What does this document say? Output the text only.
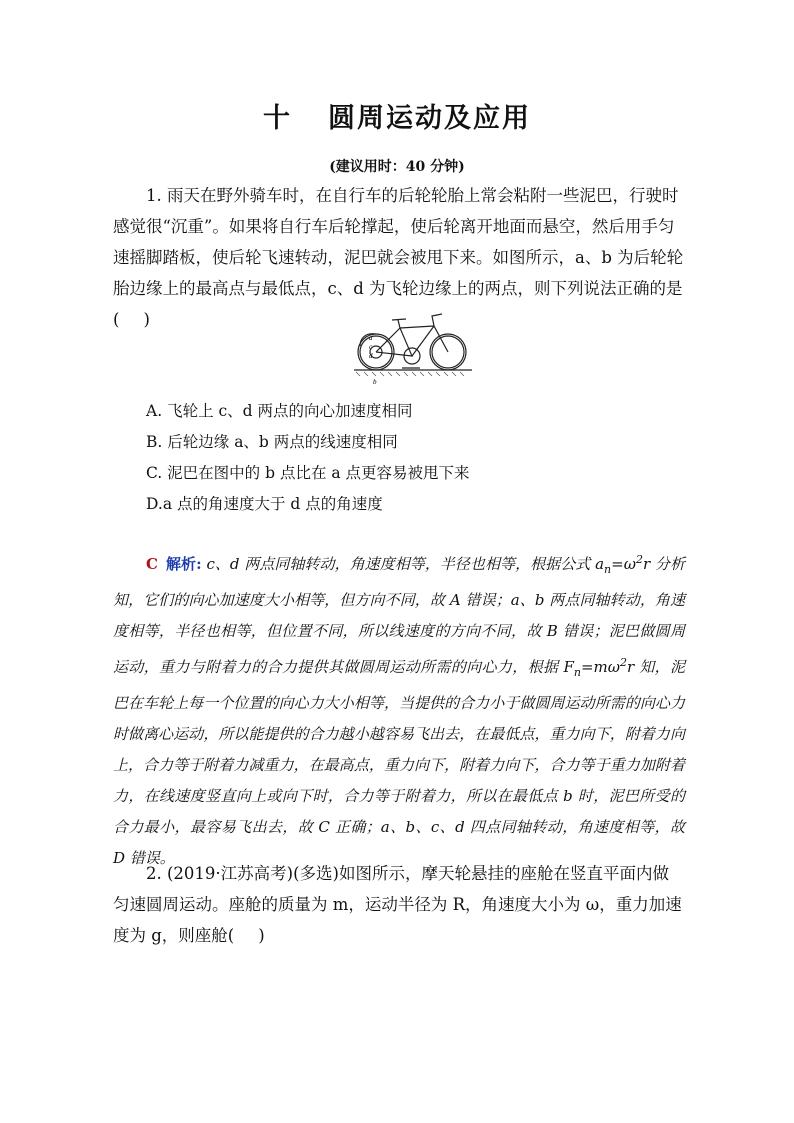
十 圆周运动及应用
(建议用时：40 分钟)
1. 雨天在野外骑车时，在自行车的后轮轮胎上常会粘附一些泥巴，行驶时感觉很“沉重”。如果将自行车后轮撑起，使后轮离开地面而悬空，然后用手匀速摇脚踏板，使后轮飞速转动，泥巴就会被甩下来。如图所示，a、b 为后轮轮胎边缘上的最高点与最低点，c、d 为飞轮边缘上的两点，则下列说法正确的是( )
a
c
d
b
A. 飞轮上 c、d 两点的向心加速度相同
B. 后轮边缘 a、b 两点的线速度相同
C. 泥巴在图中的 b 点比在 a 点更容易被甩下来
D.a 点的角速度大于 d 点的角速度
C 解析: c、d 两点同轴转动，角速度相等，半径也相等，根据公式 $a_n=\omega^2r$ 分析知，它们的向心加速度大小相等，但方向不同，故 A 错误；a、b 两点同轴转动，角速度相等，半径也相等，但位置不同，所以线速度的方向不同，故 B 错误；泥巴做圆周运动，重力与附着力的合力提供其做圆周运动所需的向心力，根据 $F_n=m\omega^2r$ 知，泥巴在车轮上每一个位置的向心力大小相等，当提供的合力小于做圆周运动所需的向心力时做离心运动，所以能提供的合力越小越容易飞出去，在最低点，重力向下，附着力向上，合力等于附着力减重力，在最高点，重力向下，附着力向下，合力等于重力加附着力，在线速度竖直向上或向下时，合力等于附着力，所以在最低点 b 时，泥巴所受的合力最小，最容易飞出去，故 C 正确；a、b、c、d 四点同轴转动，角速度相等，故 D 错误。
2. (2019·江苏高考)(多选)如图所示，摩天轮悬挂的座舱在竖直平面内做匀速圆周运动。座舱的质量为 m，运动半径为 R，角速度大小为 ω，重力加速度为 g，则座舱( )
